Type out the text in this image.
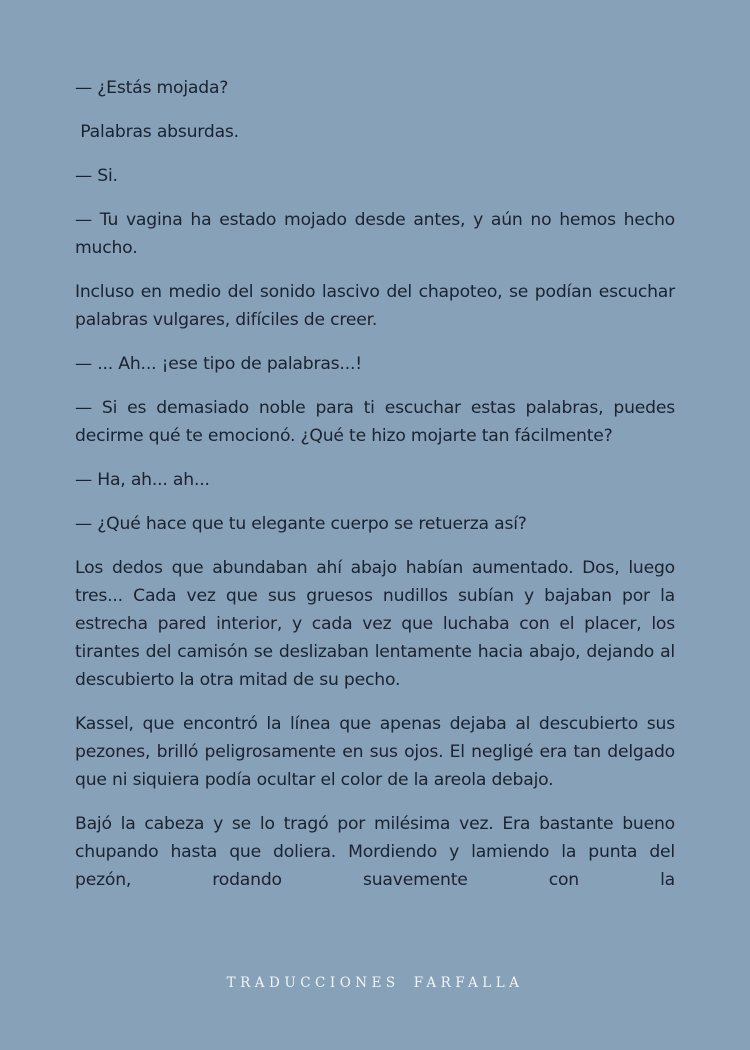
— ¿Estás mojada?

Palabras absurdas.

— Si.

— Tu vagina ha estado mojado desde antes, y aún no hemos hecho mucho.

Incluso en medio del sonido lascivo del chapoteo, se podían escuchar palabras vulgares, difíciles de creer.

— ... Ah... ¡ese tipo de palabras...!

— Si es demasiado noble para ti escuchar estas palabras, puedes decirme qué te emocionó. ¿Qué te hizo mojarte tan fácilmente?

— Ha, ah... ah...

— ¿Qué hace que tu elegante cuerpo se retuerza así?

Los dedos que abundaban ahí abajo habían aumentado. Dos, luego tres... Cada vez que sus gruesos nudillos subían y bajaban por la estrecha pared interior, y cada vez que luchaba con el placer, los tirantes del camisón se deslizaban lentamente hacia abajo, dejando al descubierto la otra mitad de su pecho.

Kassel, que encontró la línea que apenas dejaba al descubierto sus pezones, brilló peligrosamente en sus ojos. El negligé era tan delgado que ni siquiera podía ocultar el color de la areola debajo.

Bajó la cabeza y se lo tragó por milésima vez. Era bastante bueno chupando hasta que doliera. Mordiendo y lamiendo la punta del pezón, rodando suavemente con la

TRADUCCIONES FARFALLA
